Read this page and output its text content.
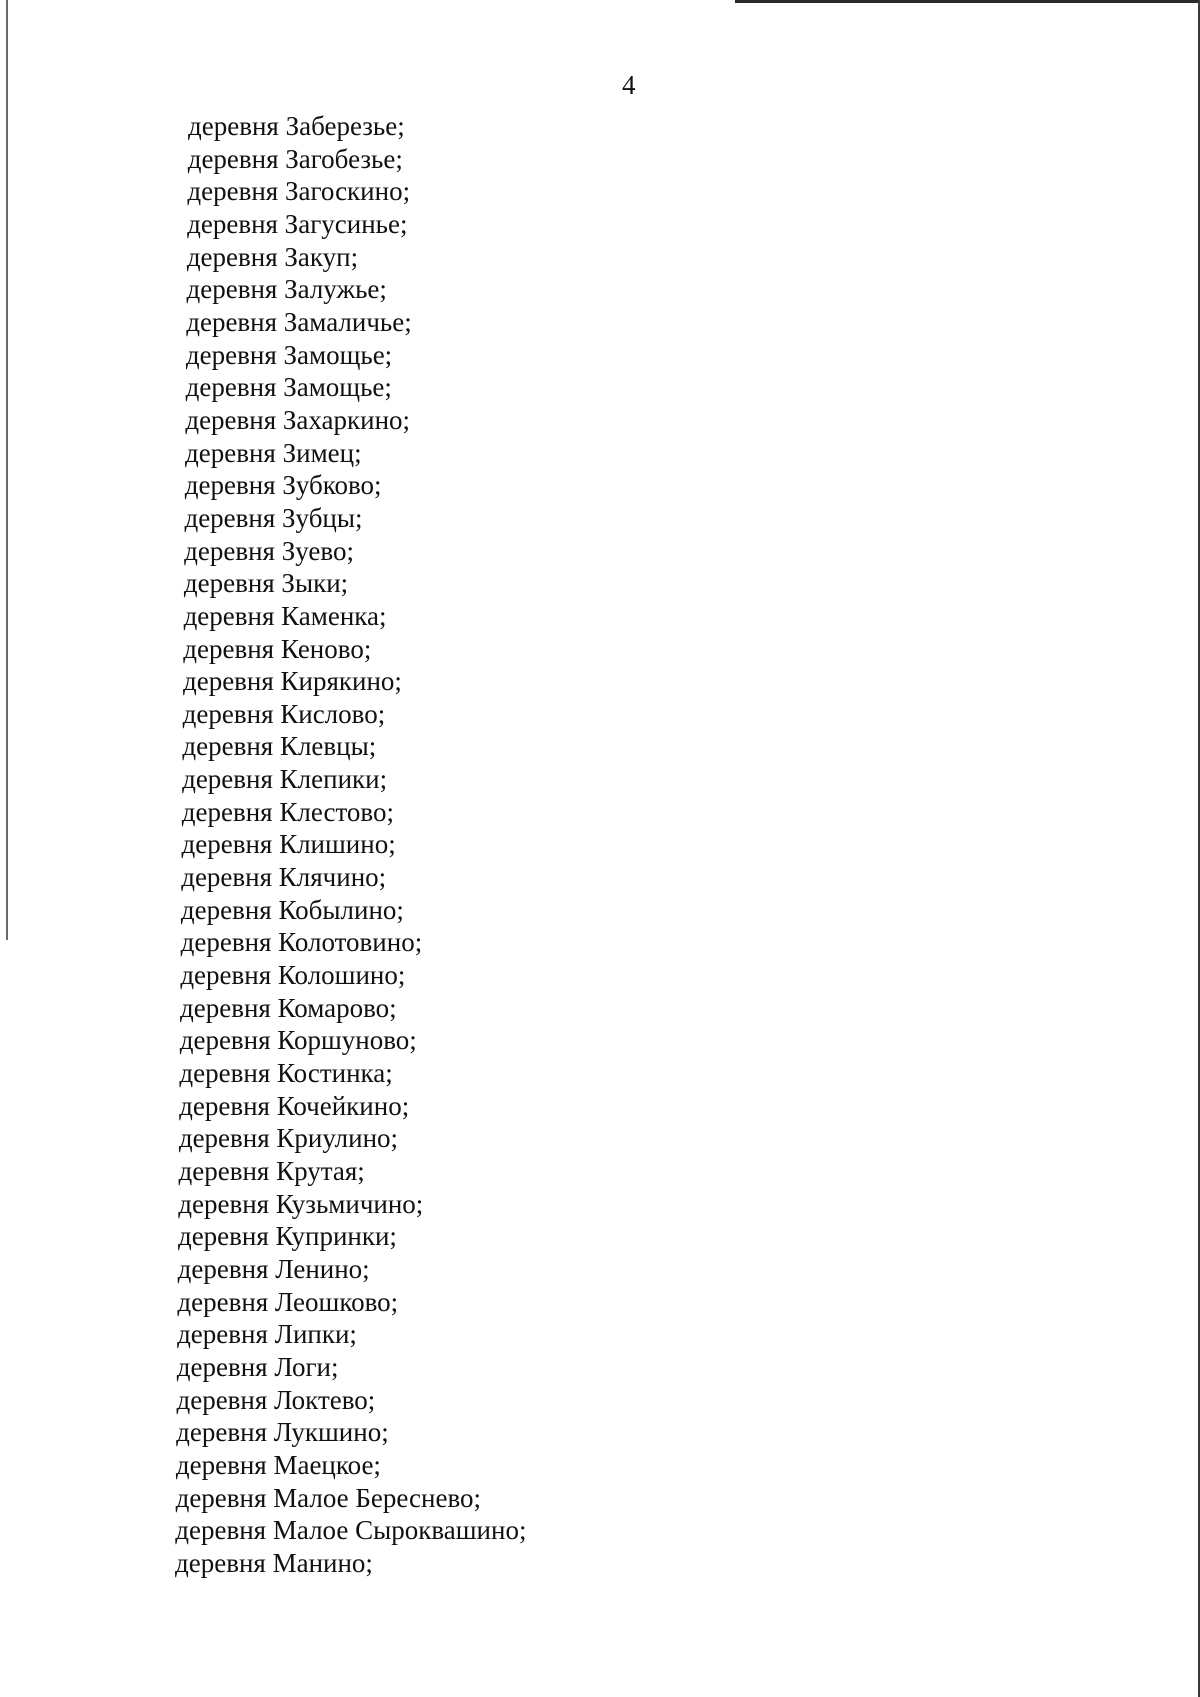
4
деревня Заберезье;
деревня Загобезье;
деревня Загоскино;
деревня Загусинье;
деревня Закуп;
деревня Залужье;
деревня Замаличье;
деревня Замощье;
деревня Замощье;
деревня Захаркино;
деревня Зимец;
деревня Зубково;
деревня Зубцы;
деревня Зуево;
деревня Зыки;
деревня Каменка;
деревня Кеново;
деревня Кирякино;
деревня Кислово;
деревня Клевцы;
деревня Клепики;
деревня Клестово;
деревня Клишино;
деревня Клячино;
деревня Кобылино;
деревня Колотовино;
деревня Колошино;
деревня Комарово;
деревня Коршуново;
деревня Костинка;
деревня Кочейкино;
деревня Криулино;
деревня Крутая;
деревня Кузьмичино;
деревня Купринки;
деревня Ленино;
деревня Леошково;
деревня Липки;
деревня Логи;
деревня Локтево;
деревня Лукшино;
деревня Маецкое;
деревня Малое Береснево;
деревня Малое Сыроквашино;
деревня Манино;
